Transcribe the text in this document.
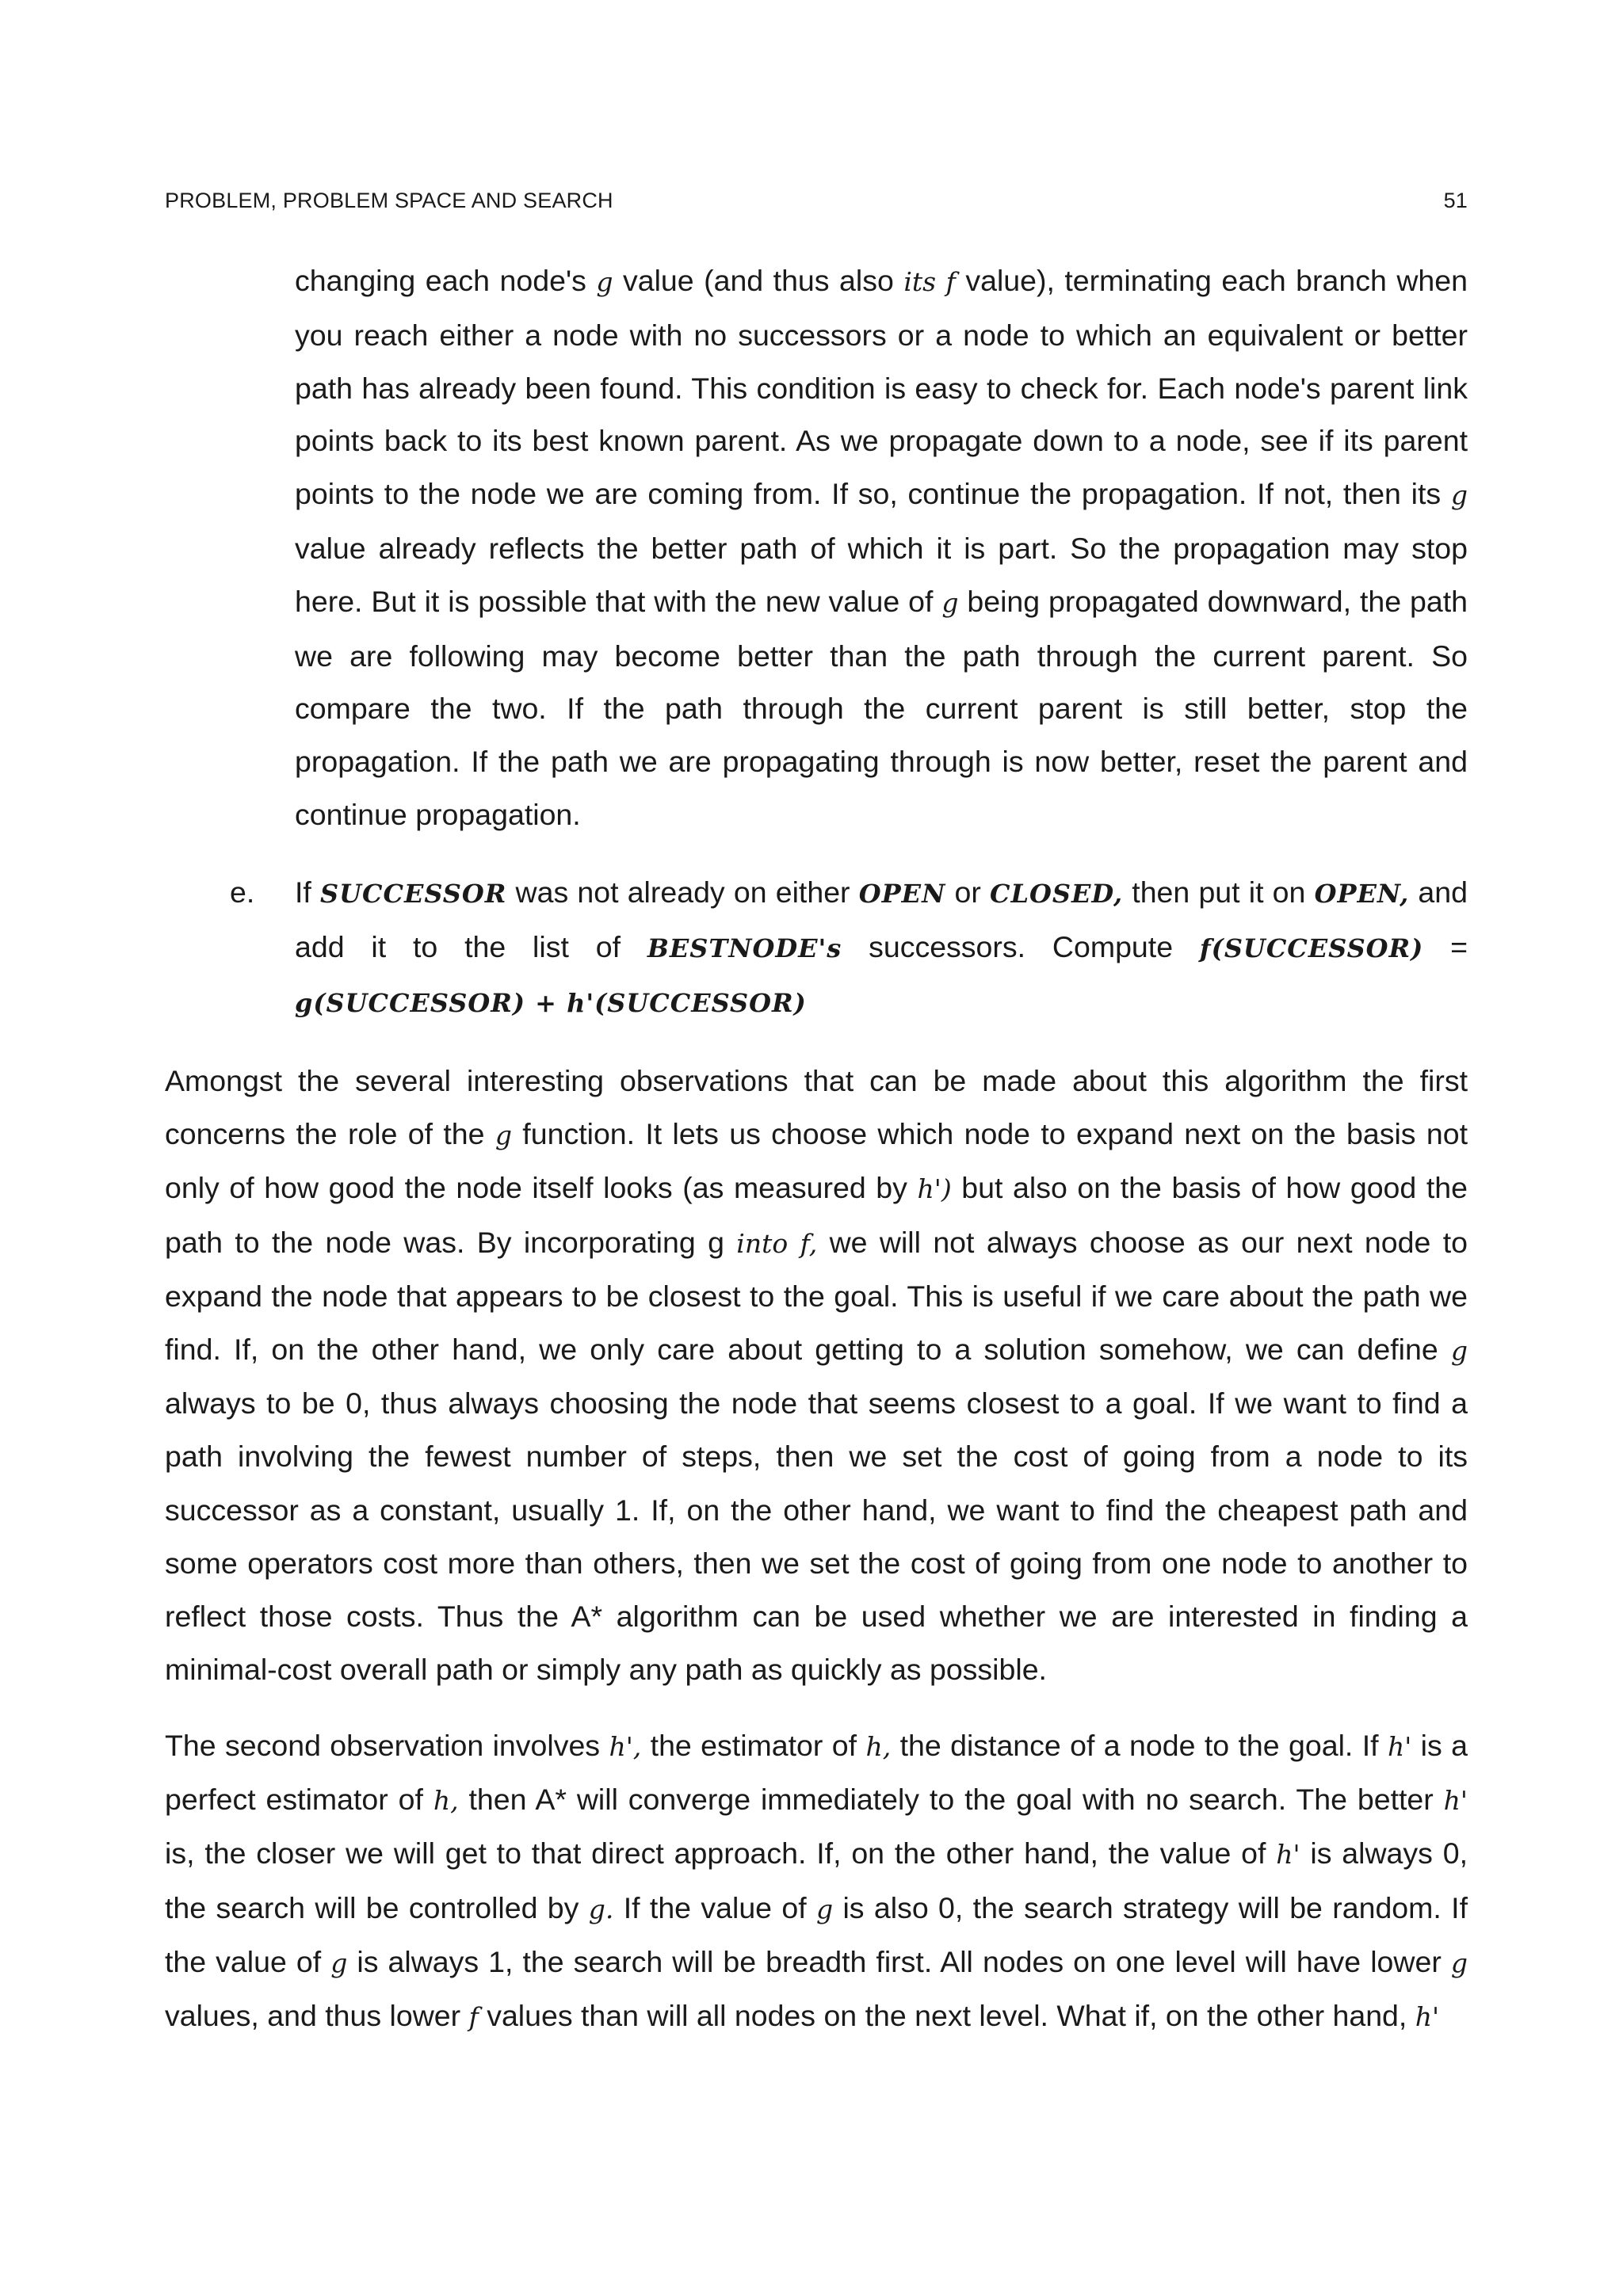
PROBLEM, PROBLEM SPACE AND SEARCH	51

changing each node's g value (and thus also its f value), terminating each branch when you reach either a node with no successors or a node to which an equivalent or better path has already been found. This condition is easy to check for. Each node's parent link points back to its best known parent. As we propagate down to a node, see if its parent points to the node we are coming from. If so, continue the propagation. If not, then its g value already reflects the better path of which it is part. So the propagation may stop here. But it is possible that with the new value of g being propagated downward, the path we are following may become better than the path through the current parent. So compare the two. If the path through the current parent is still better, stop the propagation. If the path we are propagating through is now better, reset the parent and continue propagation.

e. If SUCCESSOR was not already on either OPEN or CLOSED, then put it on OPEN, and add it to the list of BESTNODE's successors. Compute f(SUCCESSOR) = g(SUCCESSOR) + h'(SUCCESSOR)

Amongst the several interesting observations that can be made about this algorithm the first concerns the role of the g function. It lets us choose which node to expand next on the basis not only of how good the node itself looks (as measured by h') but also on the basis of how good the path to the node was. By incorporating g into f, we will not always choose as our next node to expand the node that appears to be closest to the goal. This is useful if we care about the path we find. If, on the other hand, we only care about getting to a solution somehow, we can define g always to be 0, thus always choosing the node that seems closest to a goal. If we want to find a path involving the fewest number of steps, then we set the cost of going from a node to its successor as a constant, usually 1. If, on the other hand, we want to find the cheapest path and some operators cost more than others, then we set the cost of going from one node to another to reflect those costs. Thus the A* algorithm can be used whether we are interested in finding a minimal-cost overall path or simply any path as quickly as possible.

The second observation involves h', the estimator of h, the distance of a node to the goal. If h' is a perfect estimator of h, then A* will converge immediately to the goal with no search. The better h' is, the closer we will get to that direct approach. If, on the other hand, the value of h' is always 0, the search will be controlled by g. If the value of g is also 0, the search strategy will be random. If the value of g is always 1, the search will be breadth first. All nodes on one level will have lower g values, and thus lower f values than will all nodes on the next level. What if, on the other hand, h'
